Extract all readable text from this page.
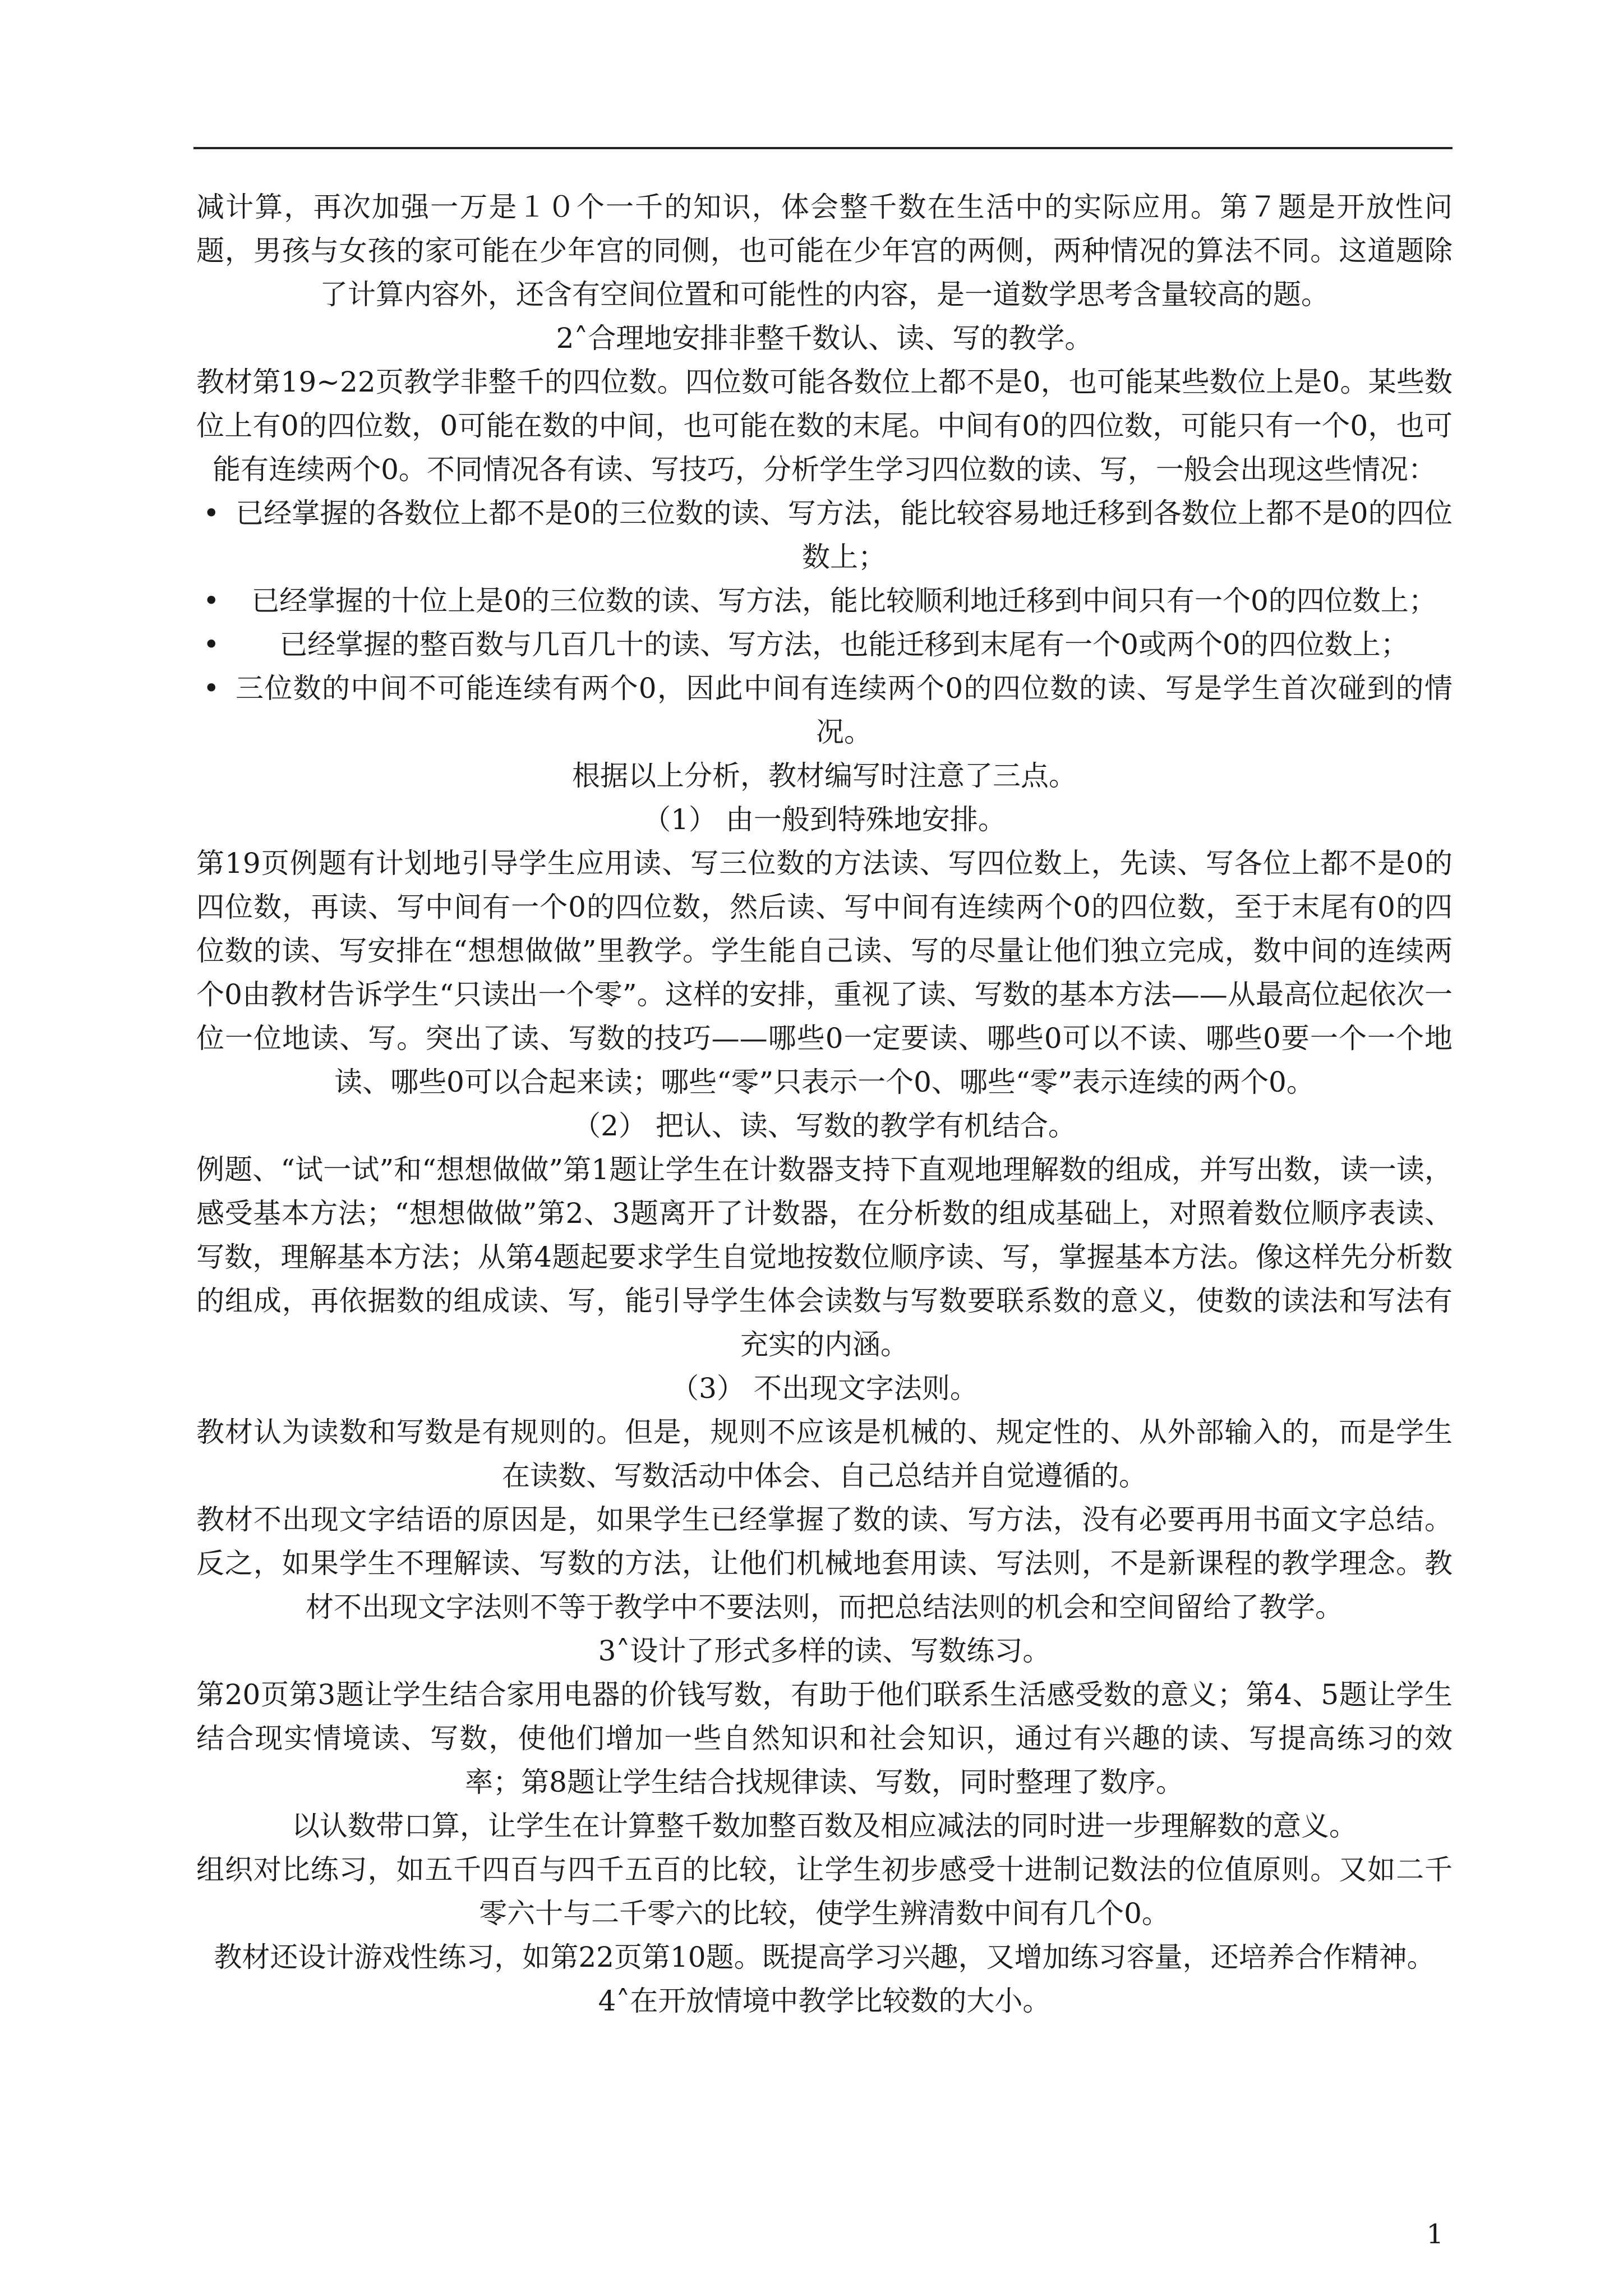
减计算，再次加强一万是１０个一千的知识，体会整千数在生活中的实际应用。第７题是开放性问题，男孩与女孩的家可能在少年宫的同侧，也可能在少年宫的两侧，两种情况的算法不同。这道题除了计算内容外，还含有空间位置和可能性的内容，是一道数学思考含量较高的题。

2˄合理地安排非整千数认、读、写的教学。

教材第19~22页教学非整千的四位数。四位数可能各数位上都不是0，也可能某些数位上是0。某些数位上有0的四位数，0可能在数的中间，也可能在数的末尾。中间有0的四位数，可能只有一个0，也可能有连续两个0。不同情况各有读、写技巧，分析学生学习四位数的读、写，一般会出现这些情况：

• 已经掌握的各数位上都不是0的三位数的读、写方法，能比较容易地迁移到各数位上都不是0的四位数上；
•	已经掌握的十位上是0的三位数的读、写方法，能比较顺利地迁移到中间只有一个0的四位数上；
•	已经掌握的整百数与几百几十的读、写方法，也能迁移到末尾有一个0或两个0的四位数上；
• 三位数的中间不可能连续有两个0，因此中间有连续两个0的四位数的读、写是学生首次碰到的情况。

根据以上分析，教材编写时注意了三点。

（1） 由一般到特殊地安排。

第19页例题有计划地引导学生应用读、写三位数的方法读、写四位数上，先读、写各位上都不是0的四位数，再读、写中间有一个0的四位数，然后读、写中间有连续两个0的四位数，至于末尾有0的四位数的读、写安排在“想想做做”里教学。学生能自己读、写的尽量让他们独立完成，数中间的连续两个0由教材告诉学生“只读出一个零”。这样的安排，重视了读、写数的基本方法——从最高位起依次一位一位地读、写。突出了读、写数的技巧——哪些0一定要读、哪些0可以不读、哪些0要一个一个地读、哪些0可以合起来读；哪些“零”只表示一个0、哪些“零”表示连续的两个0。

（2） 把认、读、写数的教学有机结合。

例题、“试一试”和“想想做做”第1题让学生在计数器支持下直观地理解数的组成，并写出数，读一读，感受基本方法；“想想做做”第2、3题离开了计数器，在分析数的组成基础上，对照着数位顺序表读、写数，理解基本方法；从第4题起要求学生自觉地按数位顺序读、写，掌握基本方法。像这样先分析数的组成，再依据数的组成读、写，能引导学生体会读数与写数要联系数的意义，使数的读法和写法有充实的内涵。

（3） 不出现文字法则。

教材认为读数和写数是有规则的。但是，规则不应该是机械的、规定性的、从外部输入的，而是学生在读数、写数活动中体会、自己总结并自觉遵循的。

教材不出现文字结语的原因是，如果学生已经掌握了数的读、写方法，没有必要再用书面文字总结。反之，如果学生不理解读、写数的方法，让他们机械地套用读、写法则，不是新课程的教学理念。教材不出现文字法则不等于教学中不要法则，而把总结法则的机会和空间留给了教学。

3˄设计了形式多样的读、写数练习。

第20页第3题让学生结合家用电器的价钱写数，有助于他们联系生活感受数的意义；第4、5题让学生结合现实情境读、写数，使他们增加一些自然知识和社会知识，通过有兴趣的读、写提高练习的效率；第8题让学生结合找规律读、写数，同时整理了数序。

以认数带口算，让学生在计算整千数加整百数及相应减法的同时进一步理解数的意义。

组织对比练习，如五千四百与四千五百的比较，让学生初步感受十进制记数法的位值原则。又如二千零六十与二千零六的比较，使学生辨清数中间有几个0。

教材还设计游戏性练习，如第22页第10题。既提高学习兴趣，又增加练习容量，还培养合作精神。

4˄在开放情境中教学比较数的大小。

1
